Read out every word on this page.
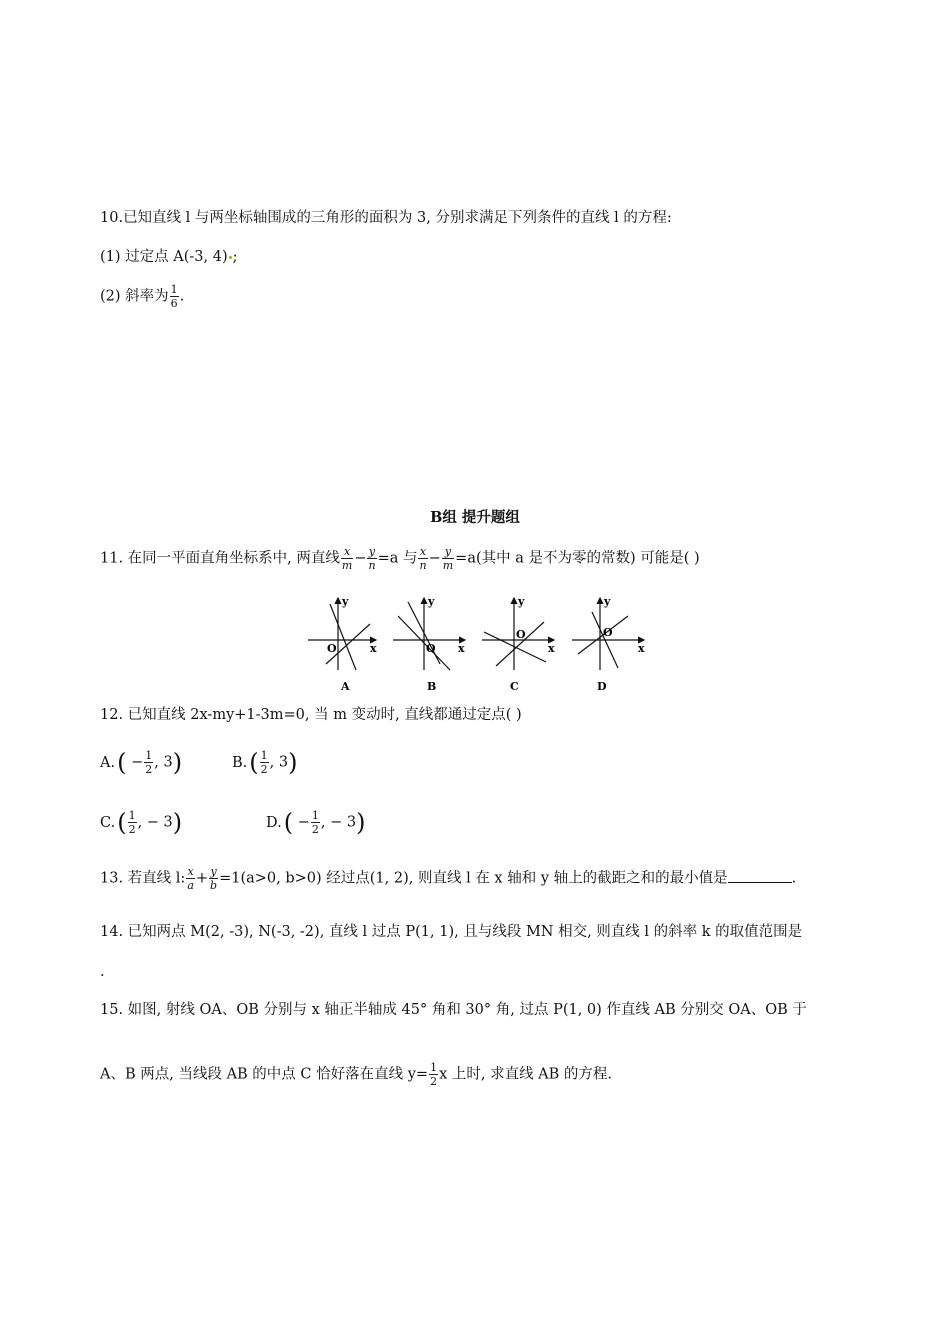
10.已知直线 l 与两坐标轴围成的三角形的面积为 3, 分别求满足下列条件的直线 l 的方程:
(1) 过定点 A(-3, 4) ;
(2) 斜率为 $\frac{1}{6}$ .
B组 提升题组
11. 在同一平面直角坐标系中, 两直线 $\frac{x}{m} - \frac{y}{n} =a$ 与 $\frac{x}{n} - \frac{y}{m} =a$(其中 a 是不为零的常数) 可能是( )
y
x
O
A
y
x
O
B
y
x
O
C
y
x
O
D
12. 已知直线 2x-my+1-3m=0, 当 m 变动时, 直线都通过定点( )
$A.( - \frac{1}{2}$ , 3)	$B.( \frac{1}{2}$ , 3)
$C.( \frac{1}{2}$ , − 3)	$D.( - \frac{1}{2}$ , − 3)
13. 若直线 l: $\frac{x}{a} + \frac{y}{b} =1(a>0$, b>0) 经过点(1, 2), 则直线 l 在 x 轴和 y 轴上的截距之和的最小值是	.
14. 已知两点 M(2, -3), N(-3, -2), 直线 l 过点 P(1, 1), 且与线段 MN 相交, 则直线 l 的斜率 k 的取值范围是
.
15. 如图, 射线 OA、OB 分别与 x 轴正半轴成 45° 角和 30° 角, 过点 P(1, 0) 作直线 AB 分别交 OA、OB 于
A、B 两点, 当线段 AB 的中点 C 恰好落在直线 $y= \frac{1}{2}$ x 上时, 求直线 AB 的方程.
